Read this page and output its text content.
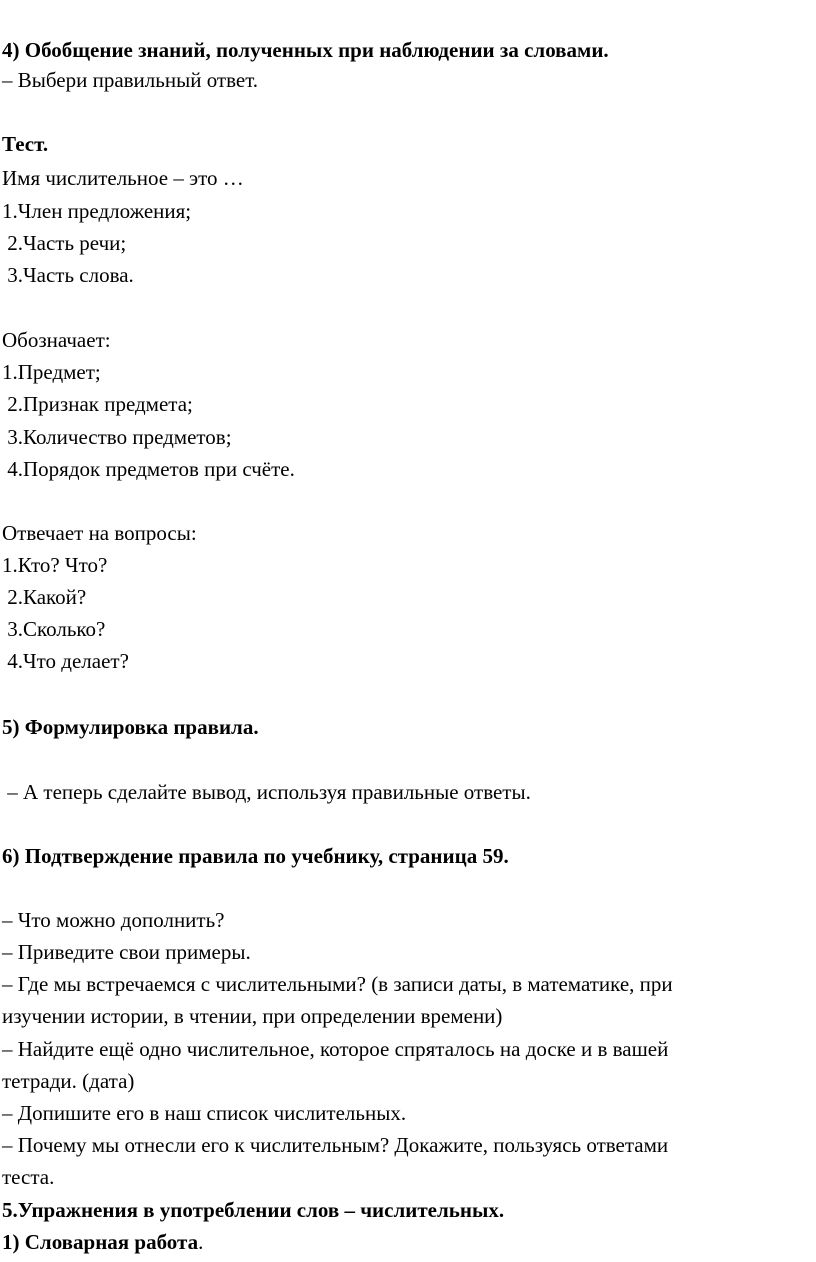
4) Обобщение знаний, полученных при наблюдении за словами.

– Выбери правильный ответ.

Тест.

Имя числительное – это …

1.Член предложения;

2.Часть речи;

3.Часть слова.

Обозначает:

1.Предмет;

2.Признак предмета;

3.Количество предметов;

4.Порядок предметов при счёте.

Отвечает на вопросы:

1.Кто? Что?

2.Какой?

3.Сколько?

4.Что делает?

5) Формулировка правила.

– А теперь сделайте вывод, используя правильные ответы.

6) Подтверждение правила по учебнику, страница 59.

– Что можно дополнить?

– Приведите свои примеры.

– Где мы встречаемся с числительными? (в записи даты, в математике, при

изучении истории, в чтении, при определении времени)

– Найдите ещё одно числительное, которое спряталось на доске и в вашей

тетради. (дата)

– Допишите его в наш список числительных.

– Почему мы отнесли его к числительным? Докажите, пользуясь ответами

теста.

5.Упражнения в употреблении слов – числительных.

1) Словарная работа.
